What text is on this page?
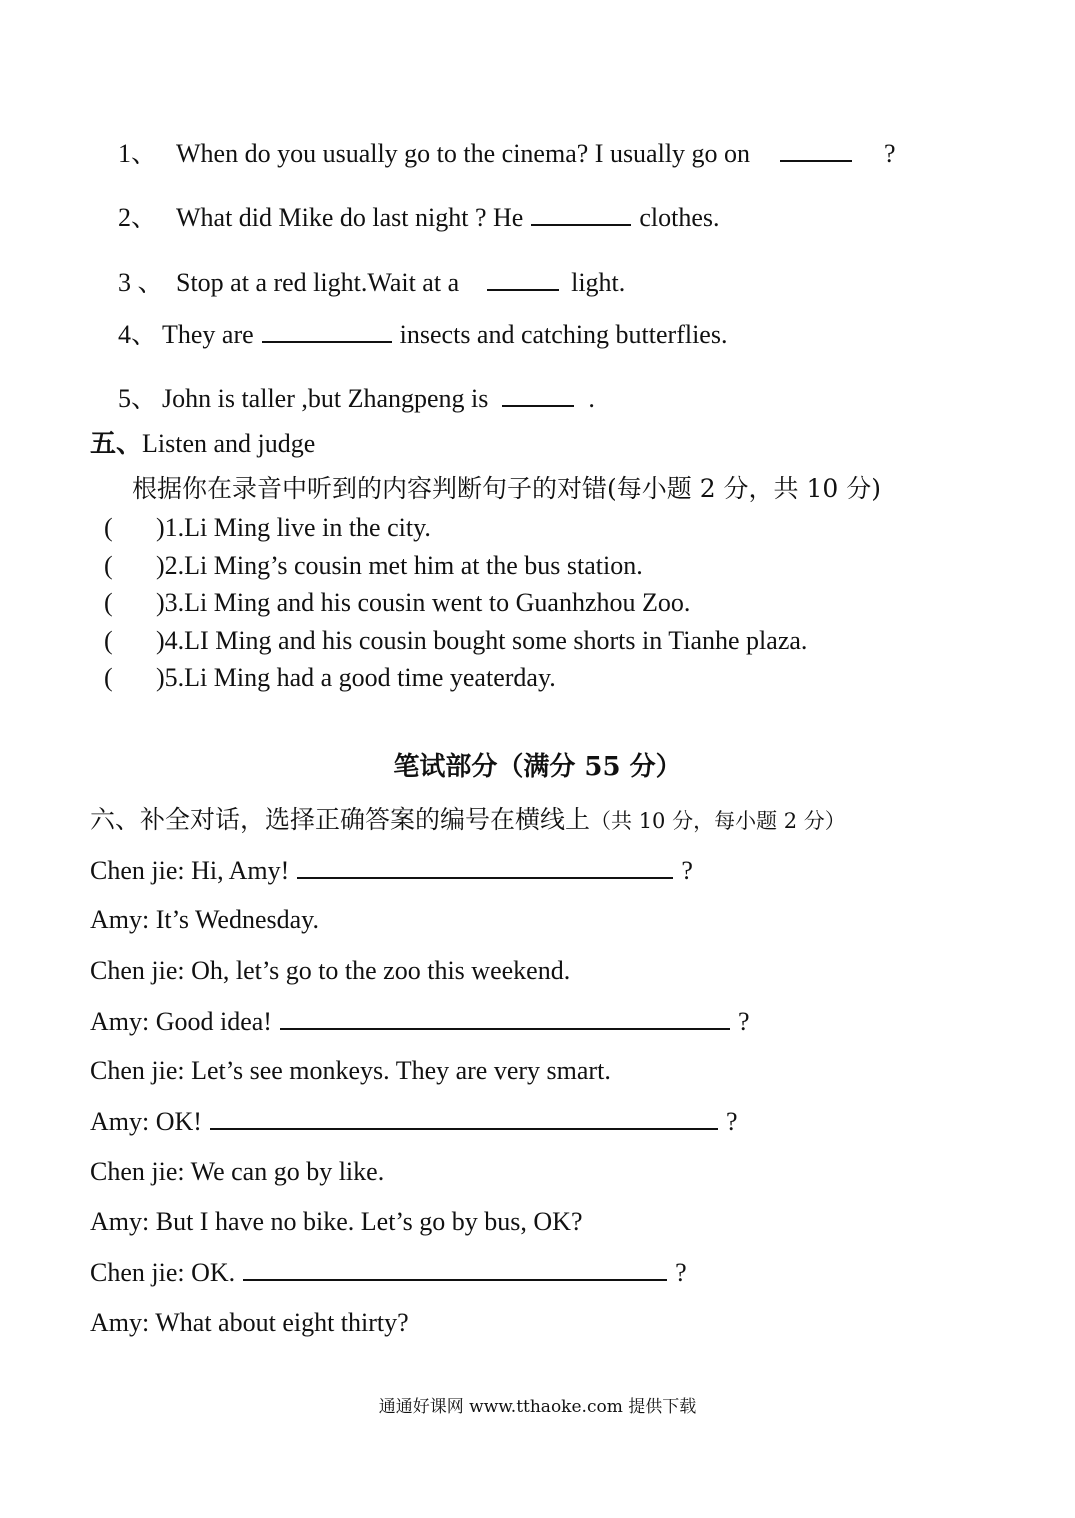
1、 When do you usually go to the cinema? I usually go on	?
2、 What did Mike do last night ? He	clothes.
3 、 Stop at a red light.Wait at a	light.
4、 They are	insects and catching butterflies.
5、 John is taller ,but Zhangpeng is	.
五、Listen and judge
根据你在录音中听到的内容判断句子的对错(每小题 2 分，共 10 分)
( )1.Li Ming live in the city.
( )2.Li Ming’s cousin met him at the bus station.
( )3.Li Ming and his cousin went to Guanhzhou Zoo.
( )4.LI Ming and his cousin bought some shorts in Tianhe plaza.
( )5.Li Ming had a good time yeaterday.
笔试部分（满分 55 分）
六、补全对话，选择正确答案的编号在横线上（共 10 分，每小题 2 分）
Chen jie: Hi, Amy!	?
Amy: It’s Wednesday.
Chen jie: Oh, let’s go to the zoo this weekend.
Amy: Good idea!	?
Chen jie: Let’s see monkeys. They are very smart.
Amy: OK!	?
Chen jie: We can go by like.
Amy: But I have no bike. Let’s go by bus, OK?
Chen jie: OK.	?
Amy: What about eight thirty?
通通好课网 www.tthaoke.com 提供下载
